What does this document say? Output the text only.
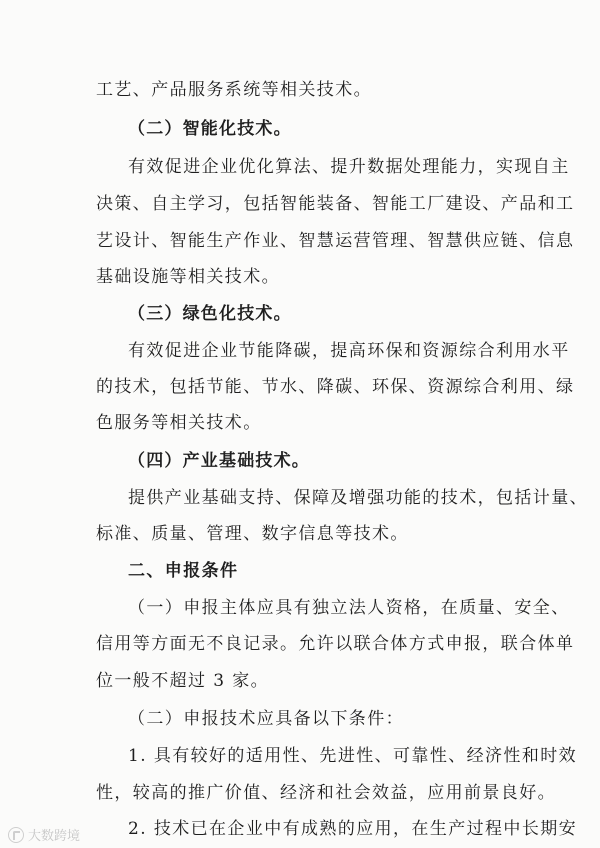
工艺、产品服务系统等相关技术。
（二）智能化技术。
有效促进企业优化算法、提升数据处理能力，实现自主
决策、自主学习，包括智能装备、智能工厂建设、产品和工
艺设计、智能生产作业、智慧运营管理、智慧供应链、信息
基础设施等相关技术。
（三）绿色化技术。
有效促进企业节能降碳，提高环保和资源综合利用水平
的技术，包括节能、节水、降碳、环保、资源综合利用、绿
色服务等相关技术。
（四）产业基础技术。
提供产业基础支持、保障及增强功能的技术，包括计量、
标准、质量、管理、数字信息等技术。
二、申报条件
（一）申报主体应具有独立法人资格，在质量、安全、
信用等方面无不良记录。允许以联合体方式申报，联合体单
位一般不超过 3 家。
（二）申报技术应具备以下条件：
1. 具有较好的适用性、先进性、可靠性、经济性和时效
性，较高的推广价值、经济和社会效益，应用前景良好。
2. 技术已在企业中有成熟的应用，在生产过程中长期安
大数跨境
